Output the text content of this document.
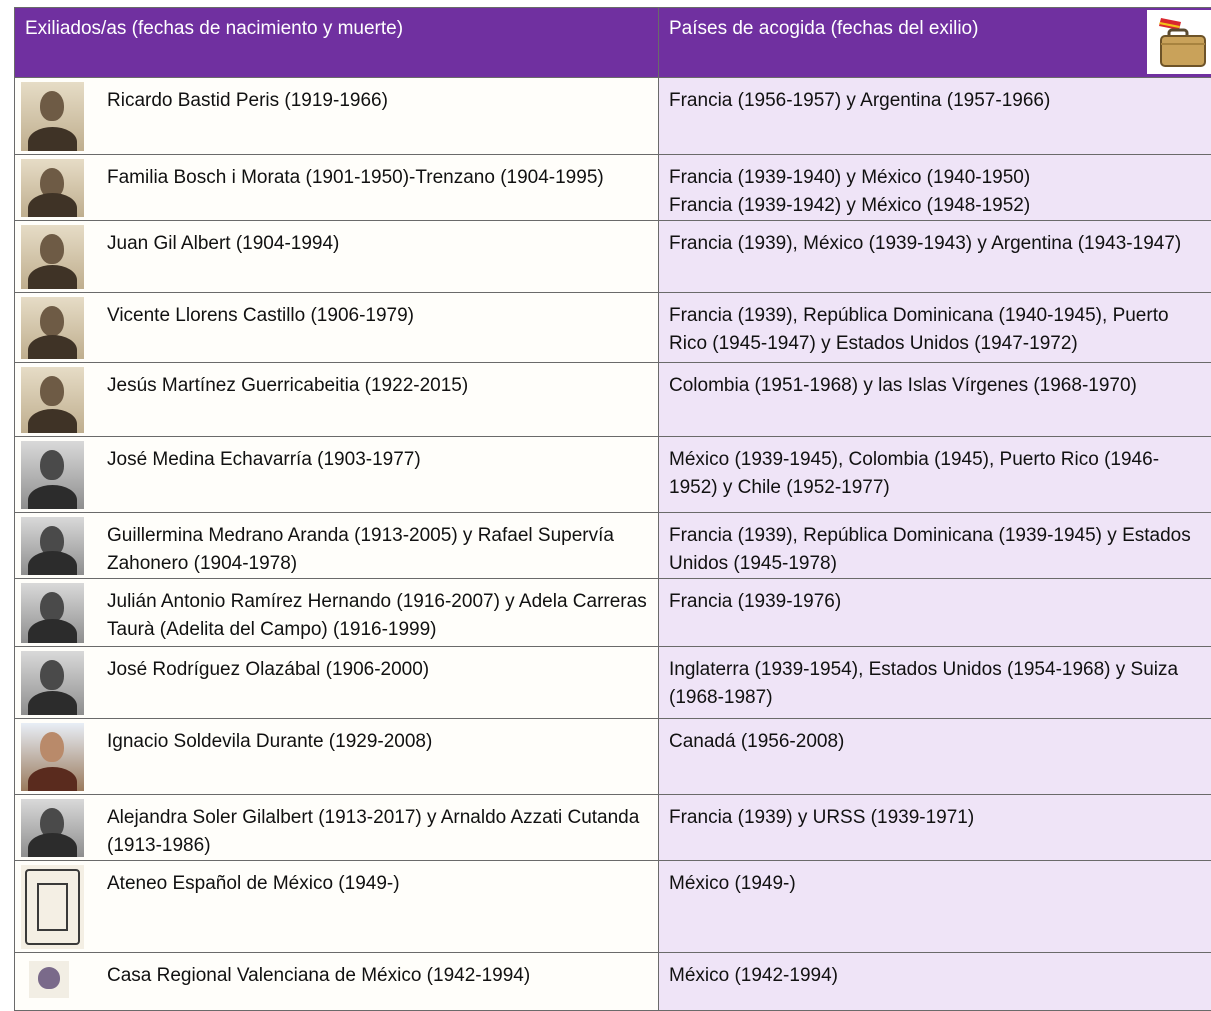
Exiliados/as (fechas de nacimiento y muerte)	Países de acogida (fechas del exilio)

Ricardo Bastid Peris (1919-1966)	Francia (1956-1957) y Argentina (1957-1966)

Familia Bosch i Morata (1901-1950)-Trenzano (1904-1995)	Francia (1939-1940) y México (1940-1950)
Francia (1939-1942) y México (1948-1952)

Juan Gil Albert (1904-1994)	Francia (1939), México (1939-1943) y Argentina (1943-1947)

Vicente Llorens Castillo (1906-1979)	Francia (1939), República Dominicana (1940-1945), Puerto Rico (1945-1947) y Estados Unidos (1947-1972)

Jesús Martínez Guerricabeitia (1922-2015)	Colombia (1951-1968) y las Islas Vírgenes (1968-1970)

José Medina Echavarría (1903-1977)	México (1939-1945), Colombia (1945), Puerto Rico (1946-1952) y Chile (1952-1977)

Guillermina Medrano Aranda (1913-2005) y Rafael Supervía Zahonero (1904-1978)	Francia (1939), República Dominicana (1939-1945) y Estados Unidos (1945-1978)

Julián Antonio Ramírez Hernando (1916-2007) y Adela Carreras Taurà (Adelita del Campo) (1916-1999)	Francia (1939-1976)

José Rodríguez Olazábal (1906-2000)	Inglaterra (1939-1954), Estados Unidos (1954-1968) y Suiza (1968-1987)

Ignacio Soldevila Durante (1929-2008)	Canadá (1956-2008)

Alejandra Soler Gilalbert (1913-2017) y Arnaldo Azzati Cutanda (1913-1986)	Francia (1939) y URSS (1939-1971)

Ateneo Español de México (1949-)	México (1949-)

Casa Regional Valenciana de México (1942-1994)	México (1942-1994)
